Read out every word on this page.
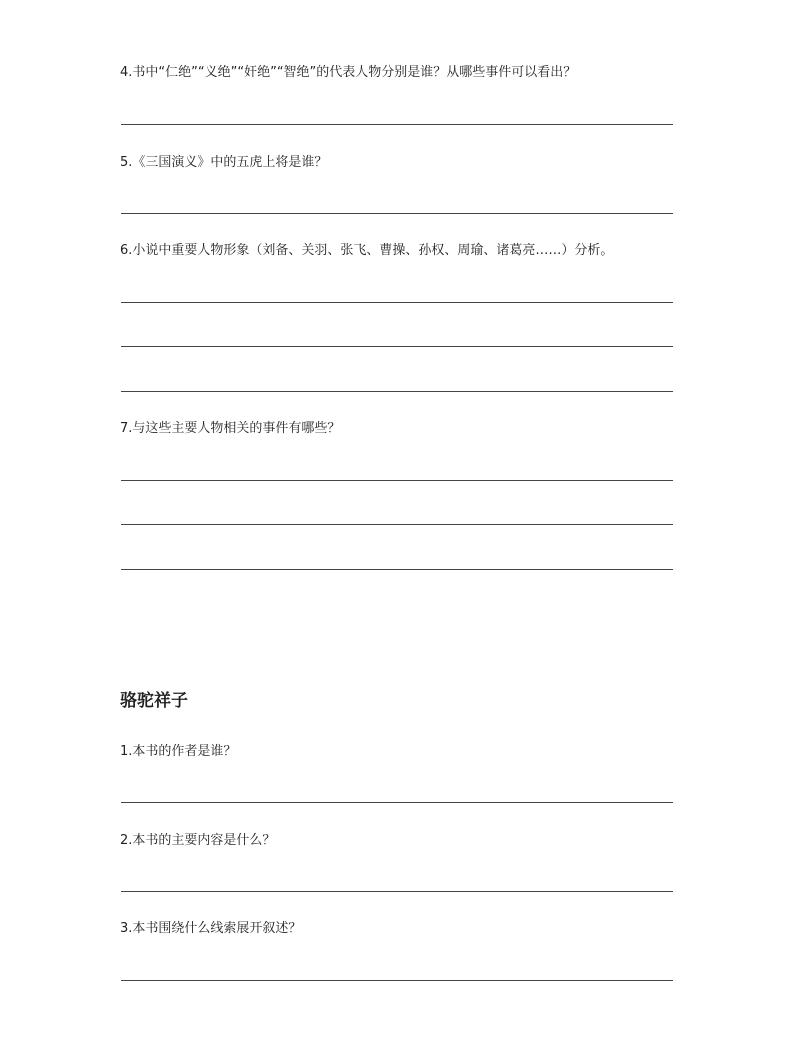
4.书中“仁绝”“义绝”“奸绝”“智绝”的代表人物分别是谁？从哪些事件可以看出？
5.《三国演义》中的五虎上将是谁？
6.小说中重要人物形象（刘备、关羽、张飞、曹操、孙权、周瑜、诸葛亮……）分析。
7.与这些主要人物相关的事件有哪些？
骆驼祥子
1.本书的作者是谁？
2.本书的主要内容是什么？
3.本书围绕什么线索展开叙述？
